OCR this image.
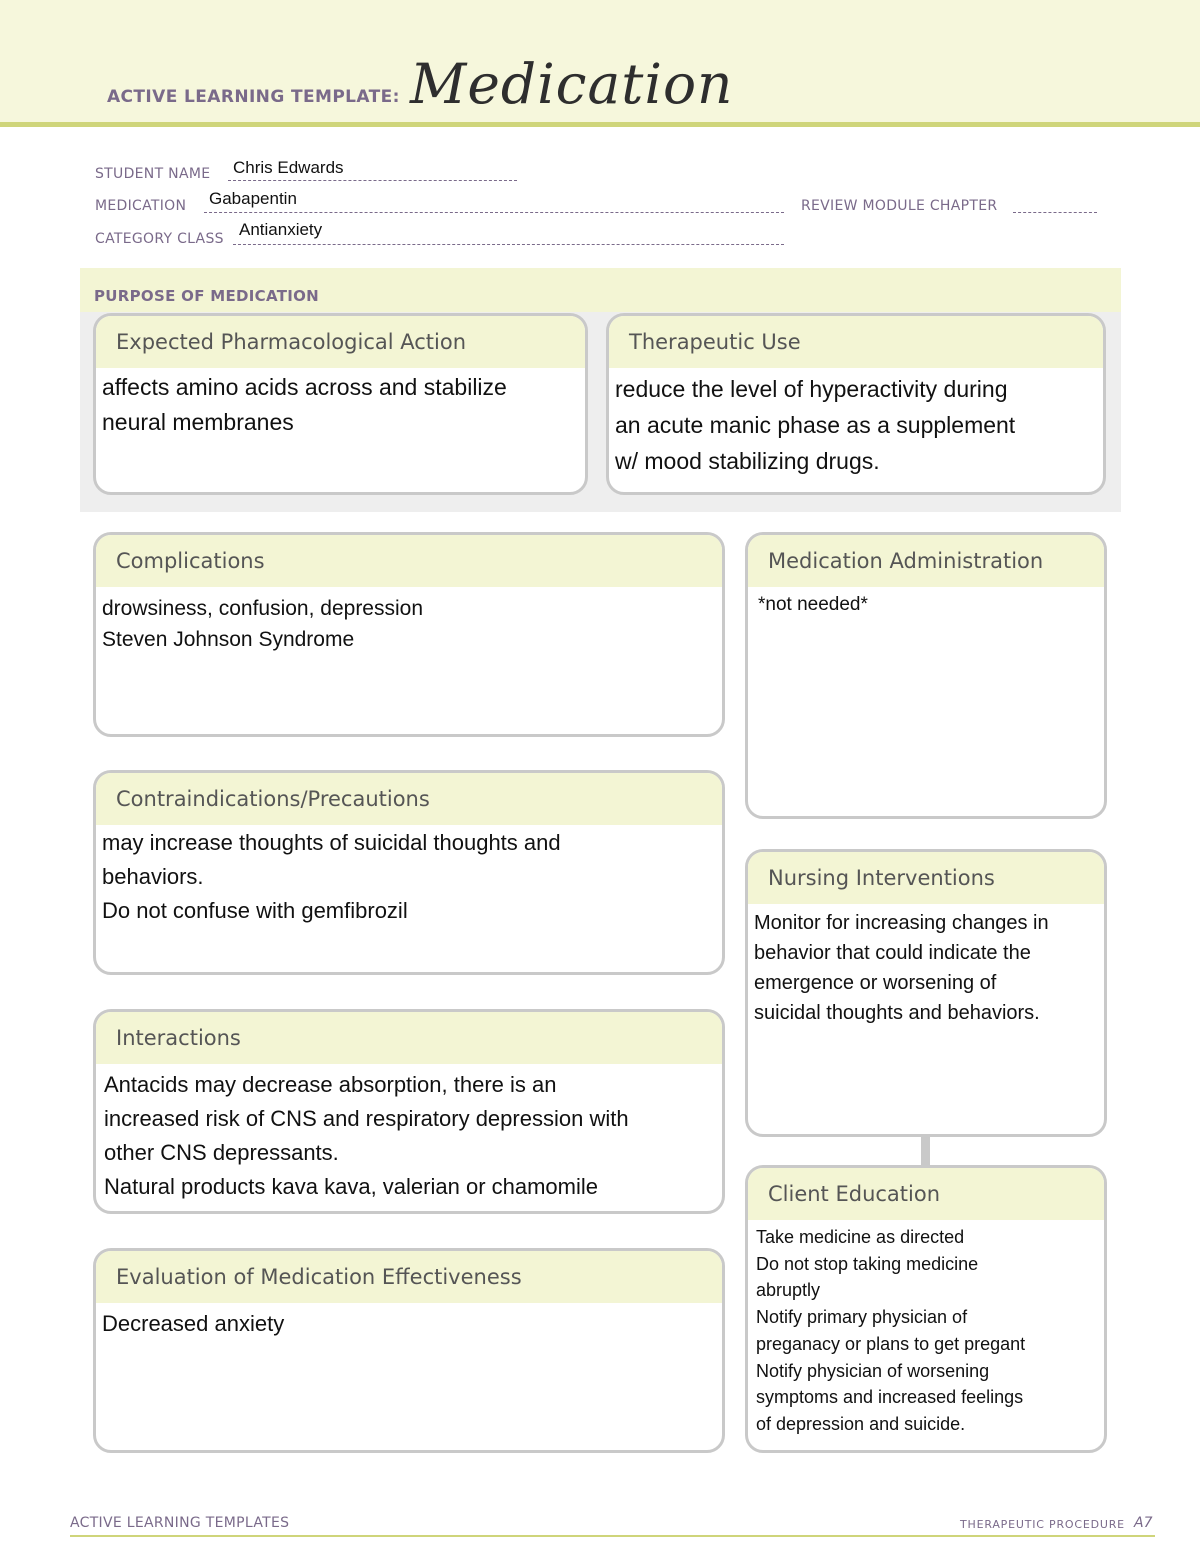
ACTIVE LEARNING TEMPLATE: Medication
STUDENT NAME Chris Edwards
MEDICATION Gabapentin	REVIEW MODULE CHAPTER
CATEGORY CLASS Antianxiety
PURPOSE OF MEDICATION
Expected Pharmacological Action
affects amino acids across and stabilize
neural membranes
Therapeutic Use
reduce the level of hyperactivity during
an acute manic phase as a supplement
w/ mood stabilizing drugs.
Complications
drowsiness, confusion, depression
Steven Johnson Syndrome
Contraindications/Precautions
may increase thoughts of suicidal thoughts and
behaviors.
Do not confuse with gemfibrozil
Interactions
Antacids may decrease absorption, there is an
increased risk of CNS and respiratory depression with
other CNS depressants.
Natural products kava kava, valerian or chamomile
Evaluation of Medication Effectiveness
Decreased anxiety
Medication Administration
*not needed*
Nursing Interventions
Monitor for increasing changes in
behavior that could indicate the
emergence or worsening of
suicidal thoughts and behaviors.
Client Education
Take medicine as directed
Do not stop taking medicine
abruptly
Notify primary physician of
preganacy or plans to get pregant
Notify physician of worsening
symptoms and increased feelings
of depression and suicide.
ACTIVE LEARNING TEMPLATES	THERAPEUTIC PROCEDURE A7
